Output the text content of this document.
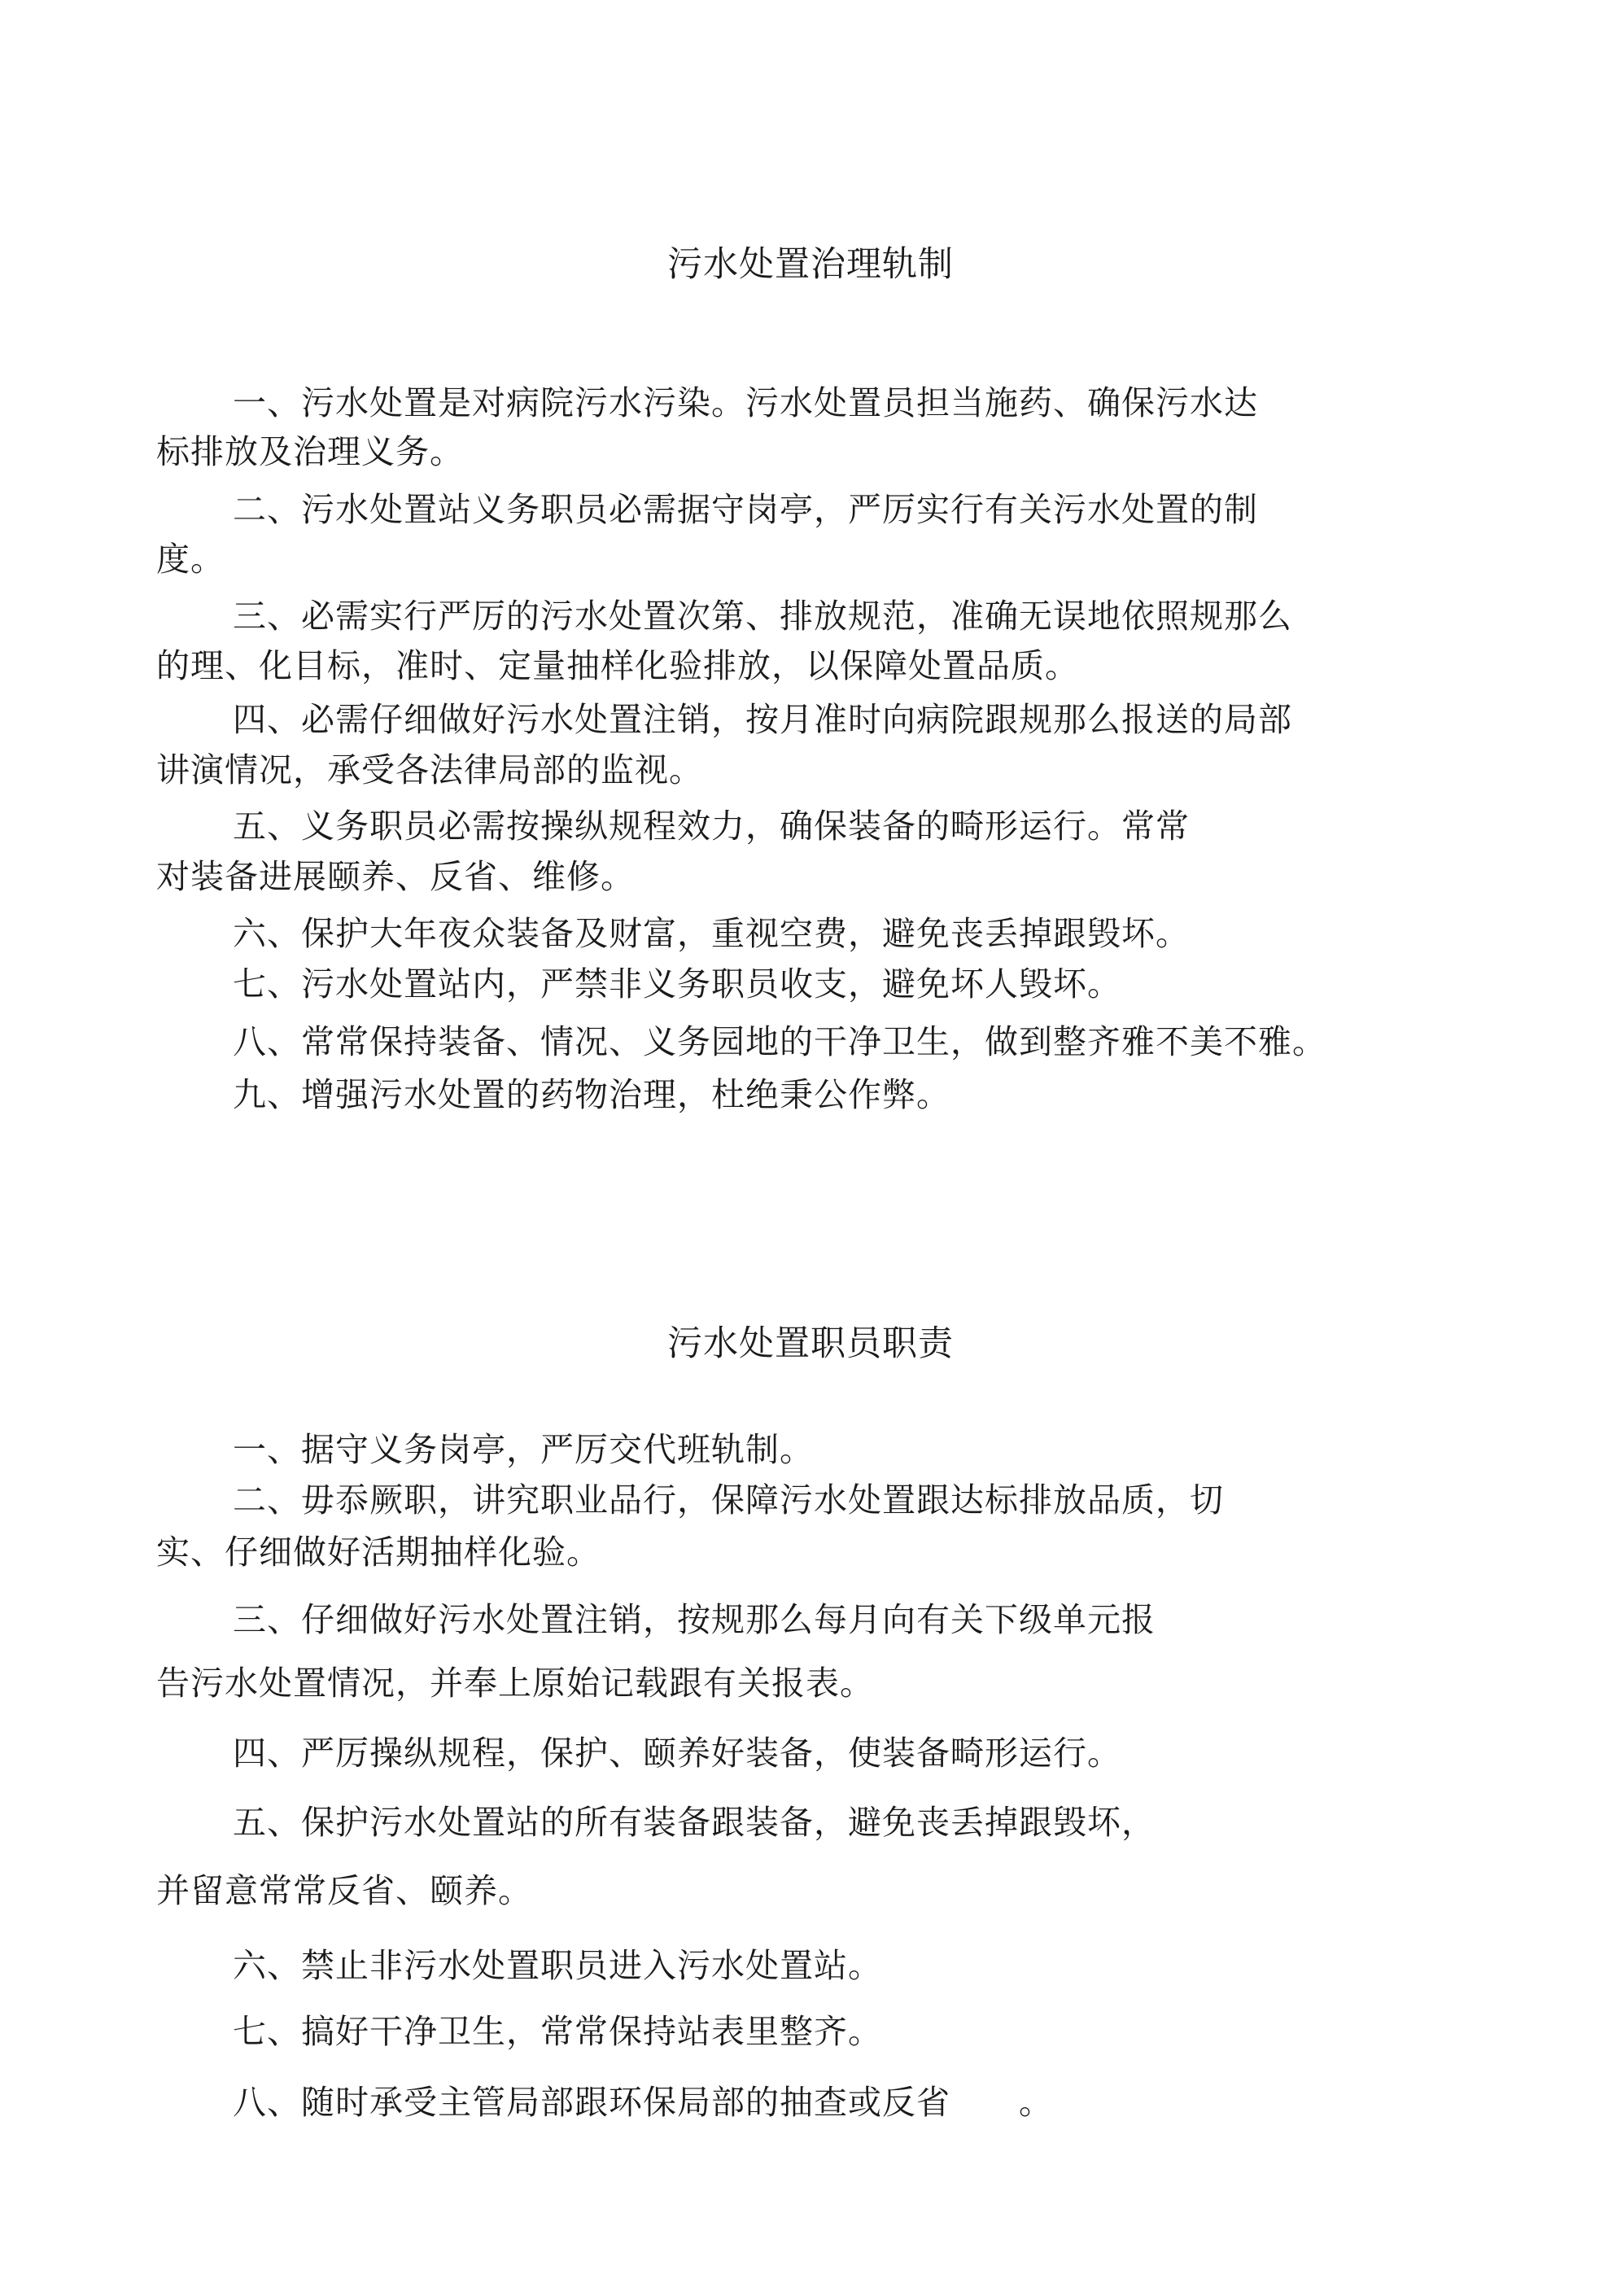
污水处置治理轨制
一、污水处置是对病院污水污染。污水处置员担当施药、确保污水达
标排放及治理义务。
二、污水处置站义务职员必需据守岗亭，严厉实行有关污水处置的制
度。
三、必需实行严厉的污水处置次第、排放规范，准确无误地依照规那么
的理、化目标，准时、定量抽样化验排放，以保障处置品质。
四、必需仔细做好污水处置注销，按月准时向病院跟规那么报送的局部
讲演情况，承受各法律局部的监视。
五、义务职员必需按操纵规程效力，确保装备的畸形运行。常常
对装备进展颐养、反省、维修。
六、保护大年夜众装备及财富，重视空费，避免丧丢掉跟毁坏。
七、污水处置站内，严禁非义务职员收支，避免坏人毁坏。
八、常常保持装备、情况、义务园地的干净卫生，做到整齐雅不美不雅。
九、增强污水处置的药物治理，杜绝秉公作弊。
污水处置职员职责
一、据守义务岗亭，严厉交代班轨制。
二、毋忝厥职，讲究职业品行，保障污水处置跟达标排放品质，切
实、仔细做好活期抽样化验。
三、仔细做好污水处置注销，按规那么每月向有关下级单元报
告污水处置情况，并奉上原始记载跟有关报表。
四、严厉操纵规程，保护、颐养好装备，使装备畸形运行。
五、保护污水处置站的所有装备跟装备，避免丧丢掉跟毁坏，
并留意常常反省、颐养。
六、禁止非污水处置职员进入污水处置站。
七、搞好干净卫生，常常保持站表里整齐。
八、随时承受主管局部跟环保局部的抽查或反省　　。
